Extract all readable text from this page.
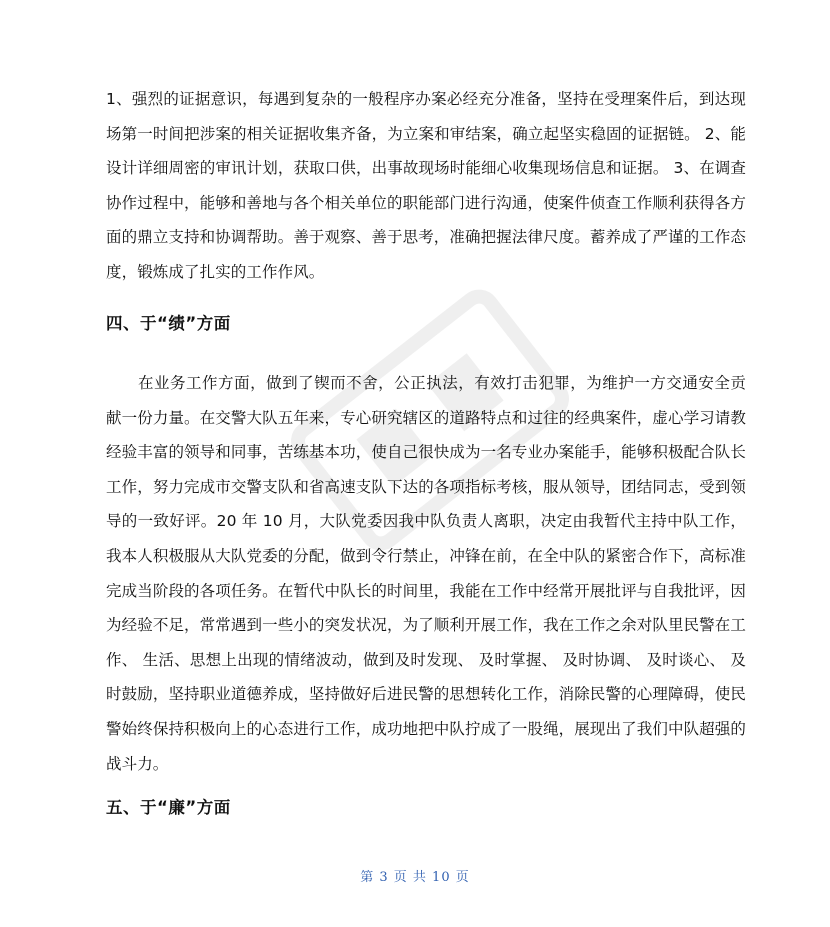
1、强烈的证据意识，每遇到复杂的一般程序办案必经充分准备，坚持在受理案件后，到达现场第一时间把涉案的相关证据收集齐备，为立案和审结案，确立起坚实稳固的证据链。 2、能设计详细周密的审讯计划，获取口供，出事故现场时能细心收集现场信息和证据。 3、在调查协作过程中，能够和善地与各个相关单位的职能部门进行沟通，使案件侦查工作顺利获得各方面的鼎立支持和协调帮助。善于观察、善于思考，准确把握法律尺度。蓄养成了严谨的工作态度，锻炼成了扎实的工作作风。

四、于“绩”方面

在业务工作方面，做到了锲而不舍，公正执法，有效打击犯罪，为维护一方交通安全贡献一份力量。在交警大队五年来，专心研究辖区的道路特点和过往的经典案件，虚心学习请教经验丰富的领导和同事，苦练基本功，使自己很快成为一名专业办案能手，能够积极配合队长工作，努力完成市交警支队和省高速支队下达的各项指标考核，服从领导，团结同志，受到领导的一致好评。20 年 10 月，大队党委因我中队负责人离职，决定由我暂代主持中队工作，我本人积极服从大队党委的分配，做到令行禁止，冲锋在前，在全中队的紧密合作下，高标准完成当阶段的各项任务。在暂代中队长的时间里，我能在工作中经常开展批评与自我批评，因为经验不足，常常遇到一些小的突发状况，为了顺利开展工作，我在工作之余对队里民警在工作、 生活、思想上出现的情绪波动，做到及时发现、 及时掌握、 及时协调、 及时谈心、 及时鼓励，坚持职业道德养成，坚持做好后进民警的思想转化工作，消除民警的心理障碍，使民警始终保持积极向上的心态进行工作，成功地把中队拧成了一股绳，展现出了我们中队超强的战斗力。

五、于“廉”方面
第 3 页 共 10 页
